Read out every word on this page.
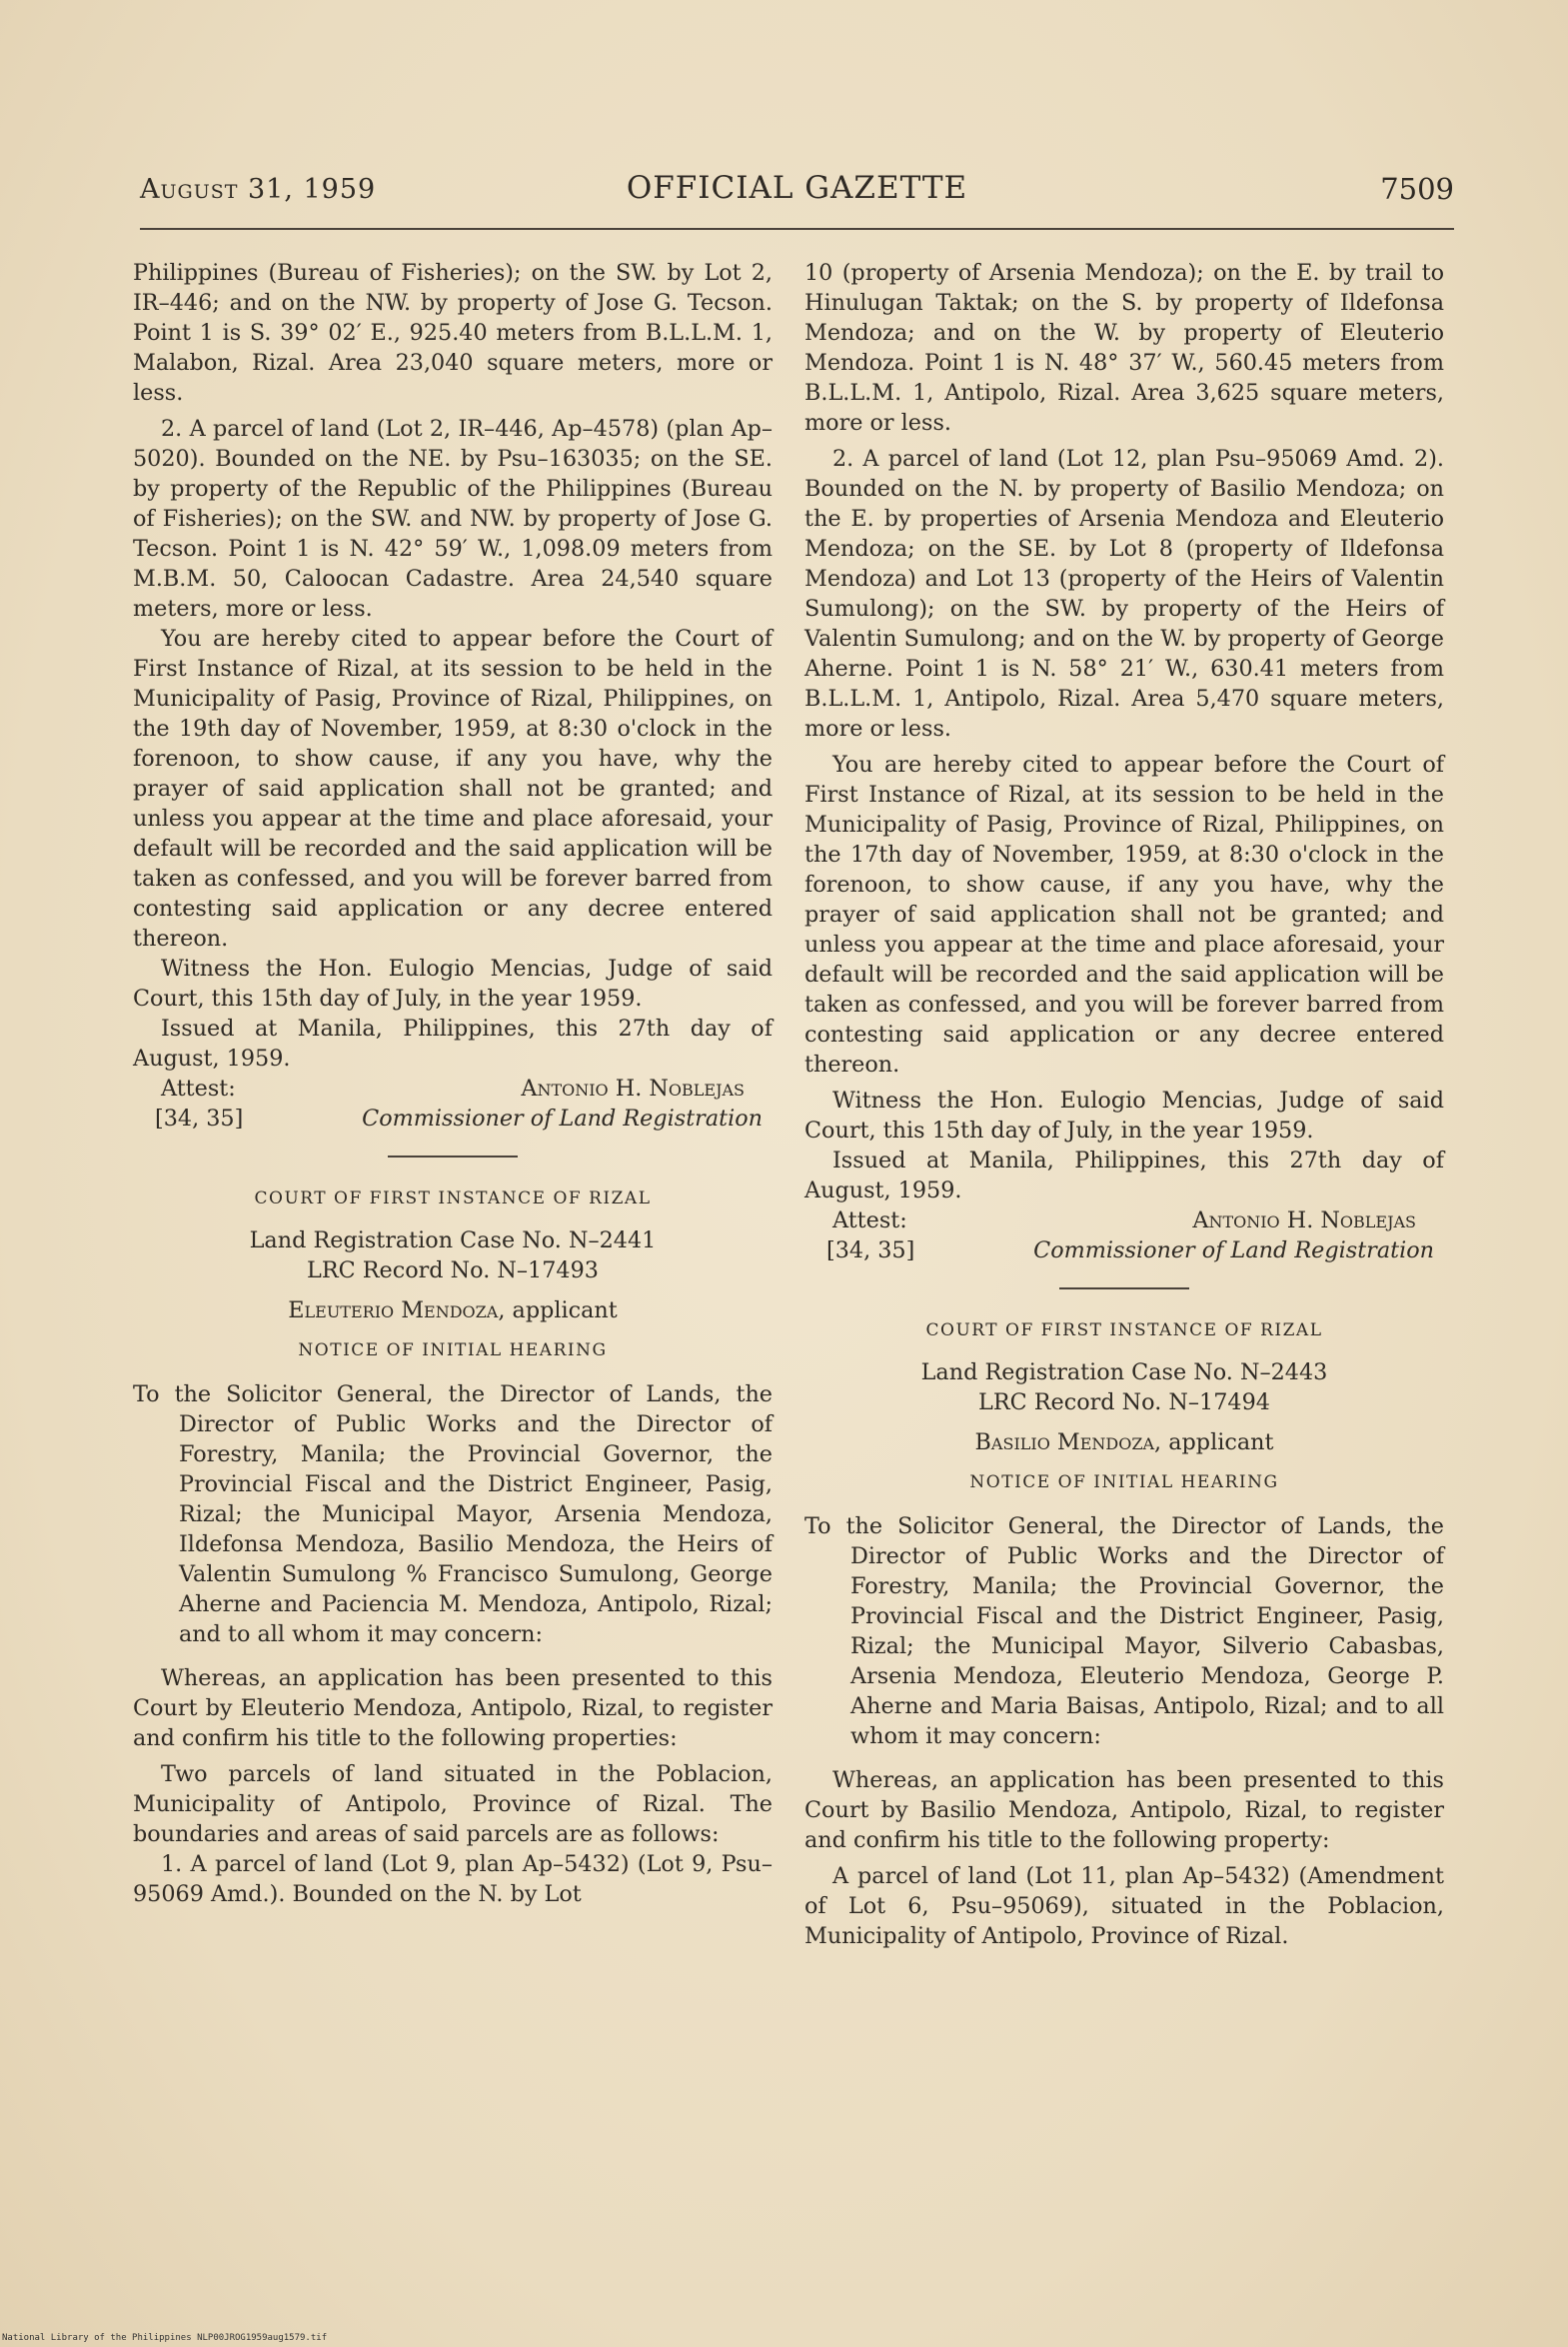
August 31, 1959	OFFICIAL GAZETTE	7509

Philippines (Bureau of Fisheries); on the SW. by Lot 2, IR–446; and on the NW. by property of Jose G. Tecson. Point 1 is S. 39° 02′ E., 925.40 meters from B.L.L.M. 1, Malabon, Rizal. Area 23,040 square meters, more or less.

2. A parcel of land (Lot 2, IR–446, Ap–4578) (plan Ap–5020). Bounded on the NE. by Psu–163035; on the SE. by property of the Republic of the Philippines (Bureau of Fisheries); on the SW. and NW. by property of Jose G. Tecson. Point 1 is N. 42° 59′ W., 1,098.09 meters from M.B.M. 50, Caloocan Cadastre. Area 24,540 square meters, more or less.

You are hereby cited to appear before the Court of First Instance of Rizal, at its session to be held in the Municipality of Pasig, Province of Rizal, Philippines, on the 19th day of November, 1959, at 8:30 o'clock in the forenoon, to show cause, if any you have, why the prayer of said application shall not be granted; and unless you appear at the time and place aforesaid, your default will be recorded and the said application will be taken as confessed, and you will be forever barred from contesting said application or any decree entered thereon.

Witness the Hon. Eulogio Mencias, Judge of said Court, this 15th day of July, in the year 1959.

Issued at Manila, Philippines, this 27th day of August, 1959.

Attest:	Antonio H. Noblejas
[34, 35]	Commissioner of Land Registration
COURT OF FIRST INSTANCE OF RIZAL
Land Registration Case No. N–2441
LRC Record No. N–17493
Eleuterio Mendoza, applicant
NOTICE OF INITIAL HEARING

To the Solicitor General, the Director of Lands, the Director of Public Works and the Director of Forestry, Manila; the Provincial Governor, the Provincial Fiscal and the District Engineer, Pasig, Rizal; the Municipal Mayor, Arsenia Mendoza, Ildefonsa Mendoza, Basilio Mendoza, the Heirs of Valentin Sumulong % Francisco Sumulong, George Aherne and Paciencia M. Mendoza, Antipolo, Rizal; and to all whom it may concern:

Whereas, an application has been presented to this Court by Eleuterio Mendoza, Antipolo, Rizal, to register and confirm his title to the following properties:

Two parcels of land situated in the Poblacion, Municipality of Antipolo, Province of Rizal. The boundaries and areas of said parcels are as follows:

1. A parcel of land (Lot 9, plan Ap–5432) (Lot 9, Psu–95069 Amd.). Bounded on the N. by Lot

10 (property of Arsenia Mendoza); on the E. by trail to Hinulugan Taktak; on the S. by property of Ildefonsa Mendoza; and on the W. by property of Eleuterio Mendoza. Point 1 is N. 48° 37′ W., 560.45 meters from B.L.L.M. 1, Antipolo, Rizal. Area 3,625 square meters, more or less.

2. A parcel of land (Lot 12, plan Psu–95069 Amd. 2). Bounded on the N. by property of Basilio Mendoza; on the E. by properties of Arsenia Mendoza and Eleuterio Mendoza; on the SE. by Lot 8 (property of Ildefonsa Mendoza) and Lot 13 (property of the Heirs of Valentin Sumulong); on the SW. by property of the Heirs of Valentin Sumulong; and on the W. by property of George Aherne. Point 1 is N. 58° 21′ W., 630.41 meters from B.L.L.M. 1, Antipolo, Rizal. Area 5,470 square meters, more or less.

You are hereby cited to appear before the Court of First Instance of Rizal, at its session to be held in the Municipality of Pasig, Province of Rizal, Philippines, on the 17th day of November, 1959, at 8:30 o'clock in the forenoon, to show cause, if any you have, why the prayer of said application shall not be granted; and unless you appear at the time and place aforesaid, your default will be recorded and the said application will be taken as confessed, and you will be forever barred from contesting said application or any decree entered thereon.

Witness the Hon. Eulogio Mencias, Judge of said Court, this 15th day of July, in the year 1959.

Issued at Manila, Philippines, this 27th day of August, 1959.

Attest:	Antonio H. Noblejas
[34, 35]	Commissioner of Land Registration
COURT OF FIRST INSTANCE OF RIZAL
Land Registration Case No. N–2443
LRC Record No. N–17494
Basilio Mendoza, applicant
NOTICE OF INITIAL HEARING

To the Solicitor General, the Director of Lands, the Director of Public Works and the Director of Forestry, Manila; the Provincial Governor, the Provincial Fiscal and the District Engineer, Pasig, Rizal; the Municipal Mayor, Silverio Cabasbas, Arsenia Mendoza, Eleuterio Mendoza, George P. Aherne and Maria Baisas, Antipolo, Rizal; and to all whom it may concern:

Whereas, an application has been presented to this Court by Basilio Mendoza, Antipolo, Rizal, to register and confirm his title to the following property:

A parcel of land (Lot 11, plan Ap–5432) (Amendment of Lot 6, Psu–95069), situated in the Poblacion, Municipality of Antipolo, Province of Rizal.

National Library of the Philippines NLP00JROG1959aug1579.tif
